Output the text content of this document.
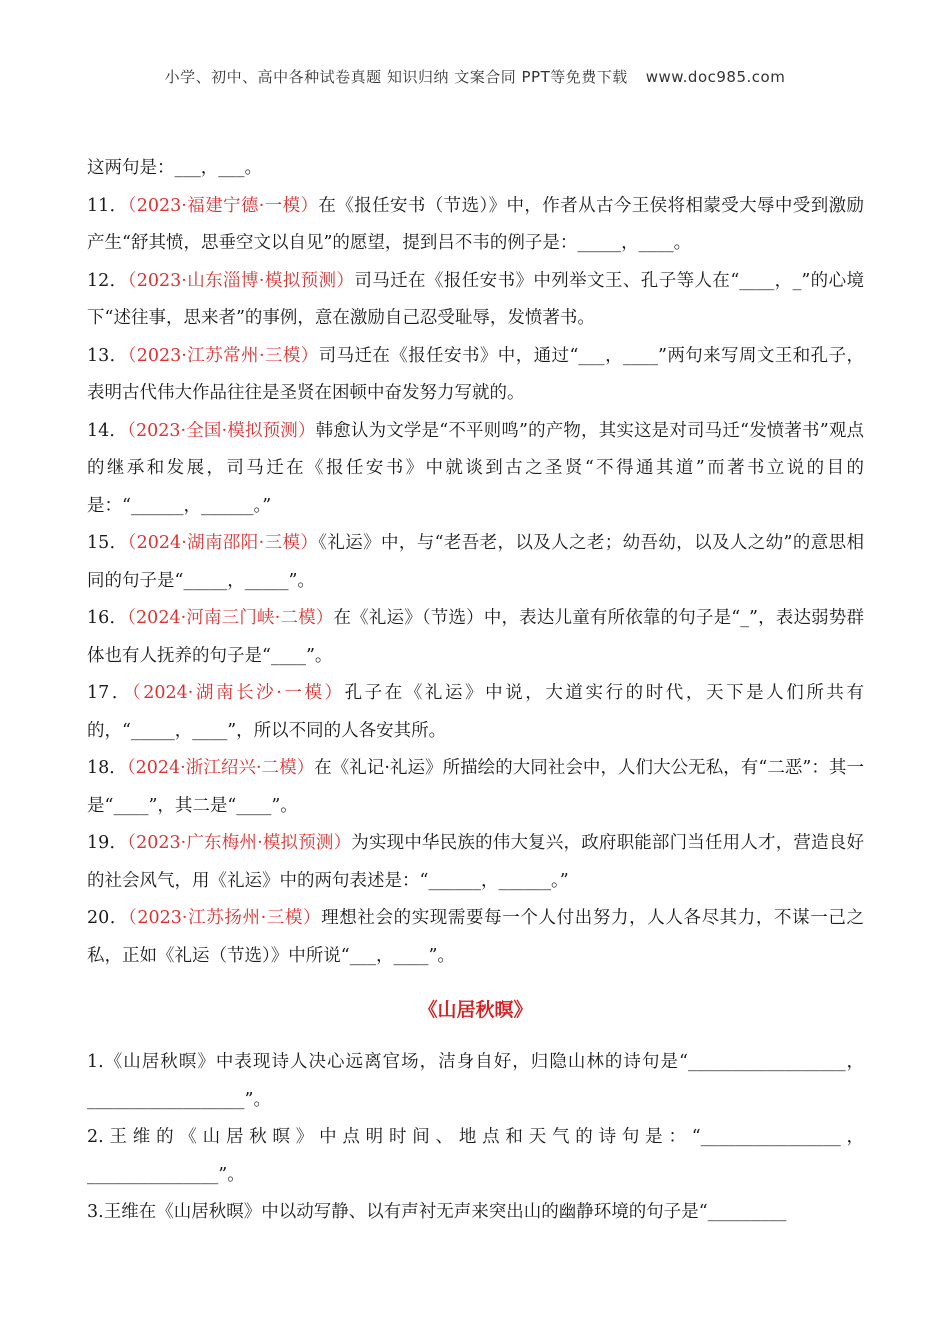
小学、初中、高中各种试卷真题 知识归纳 文案合同 PPT等免费下载 www.doc985.com
这两句是：___，___。
11．（2023·福建宁德·一模）在《报任安书（节选）》中，作者从古今王侯将相蒙受大辱中受到激励产生“舒其愤，思垂空文以自见”的愿望，提到吕不韦的例子是：_____，____。
12．（2023·山东淄博·模拟预测）司马迁在《报任安书》中列举文王、孔子等人在“____，_”的心境下“述往事，思来者”的事例，意在激励自己忍受耻辱，发愤著书。
13．（2023·江苏常州·三模）司马迁在《报任安书》中，通过“___，____”两句来写周文王和孔子，表明古代伟大作品往往是圣贤在困顿中奋发努力写就的。
14．（2023·全国·模拟预测）韩愈认为文学是“不平则鸣”的产物，其实这是对司马迁“发愤著书”观点的继承和发展，司马迁在《报任安书》中就谈到古之圣贤“不得通其道”而著书立说的目的是：“______，______。”
15．（2024·湖南邵阳·三模）《礼运》中，与“老吾老，以及人之老；幼吾幼，以及人之幼”的意思相同的句子是“_____，_____”。
16．（2024·河南三门峡·二模）在《礼运》（节选）中，表达儿童有所依靠的句子是“_”，表达弱势群体也有人抚养的句子是“____”。
17．（2024·湖南长沙·一模）孔子在《礼运》中说，大道实行的时代，天下是人们所共有的，“_____，____”，所以不同的人各安其所。
18．（2024·浙江绍兴·二模）在《礼记·礼运》所描绘的大同社会中，人们大公无私，有“二恶”：其一是“____”，其二是“____”。
19．（2023·广东梅州·模拟预测）为实现中华民族的伟大复兴，政府职能部门当任用人才，营造良好的社会风气，用《礼运》中的两句表述是：“______，______。”
20．（2023·江苏扬州·三模）理想社会的实现需要每一个人付出努力，人人各尽其力，不谋一己之私，正如《礼运（节选）》中所说“___，____”。
《山居秋暝》
1.《山居秋暝》中表现诗人决心远离官场，洁身自好，归隐山林的诗句是“__________________，__________________”。
2.王维的《山居秋暝》中点明时间、地点和天气的诗句是：“________________，_______________”。
3.王维在《山居秋暝》中以动写静、以有声衬无声来突出山的幽静环境的句子是“_________
